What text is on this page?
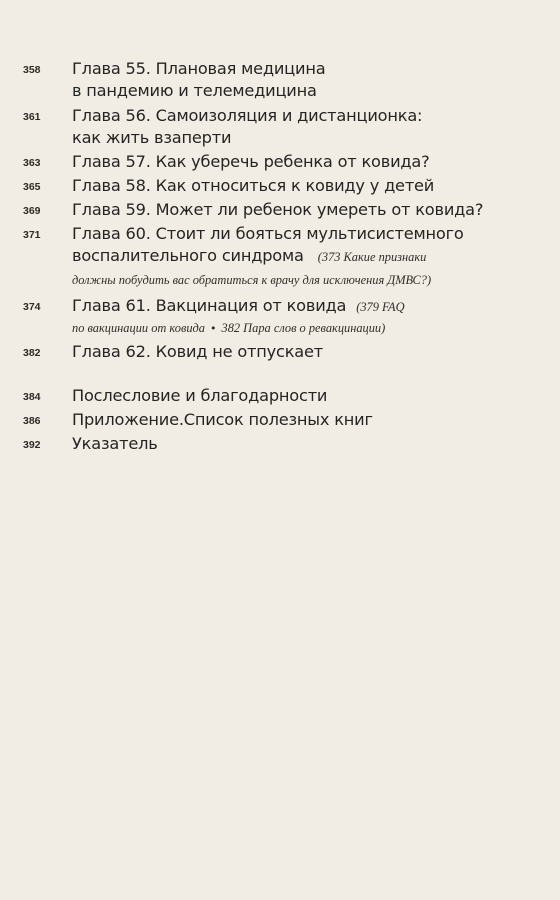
358 Глава 55. Плановая медицина
в пандемию и телемедицина
361 Глава 56. Самоизоляция и дистанционка:
как жить взаперти
363 Глава 57. Как уберечь ребенка от ковида?
365 Глава 58. Как относиться к ковиду у детей
369 Глава 59. Может ли ребенок умереть от ковида?
371 Глава 60. Стоит ли бояться мультисистемного
воспалительного синдрома (373 Какие признаки
должны побудить вас обратиться к врачу для исключения ДМВС?)
374 Глава 61. Вакцинация от ковида (379 FAQ
по вакцинации от ковида • 382 Пара слов о ревакцинации)
382 Глава 62. Ковид не отпускает
384 Послесловие и благодарности
386 Приложение.Список полезных книг
392 Указатель
